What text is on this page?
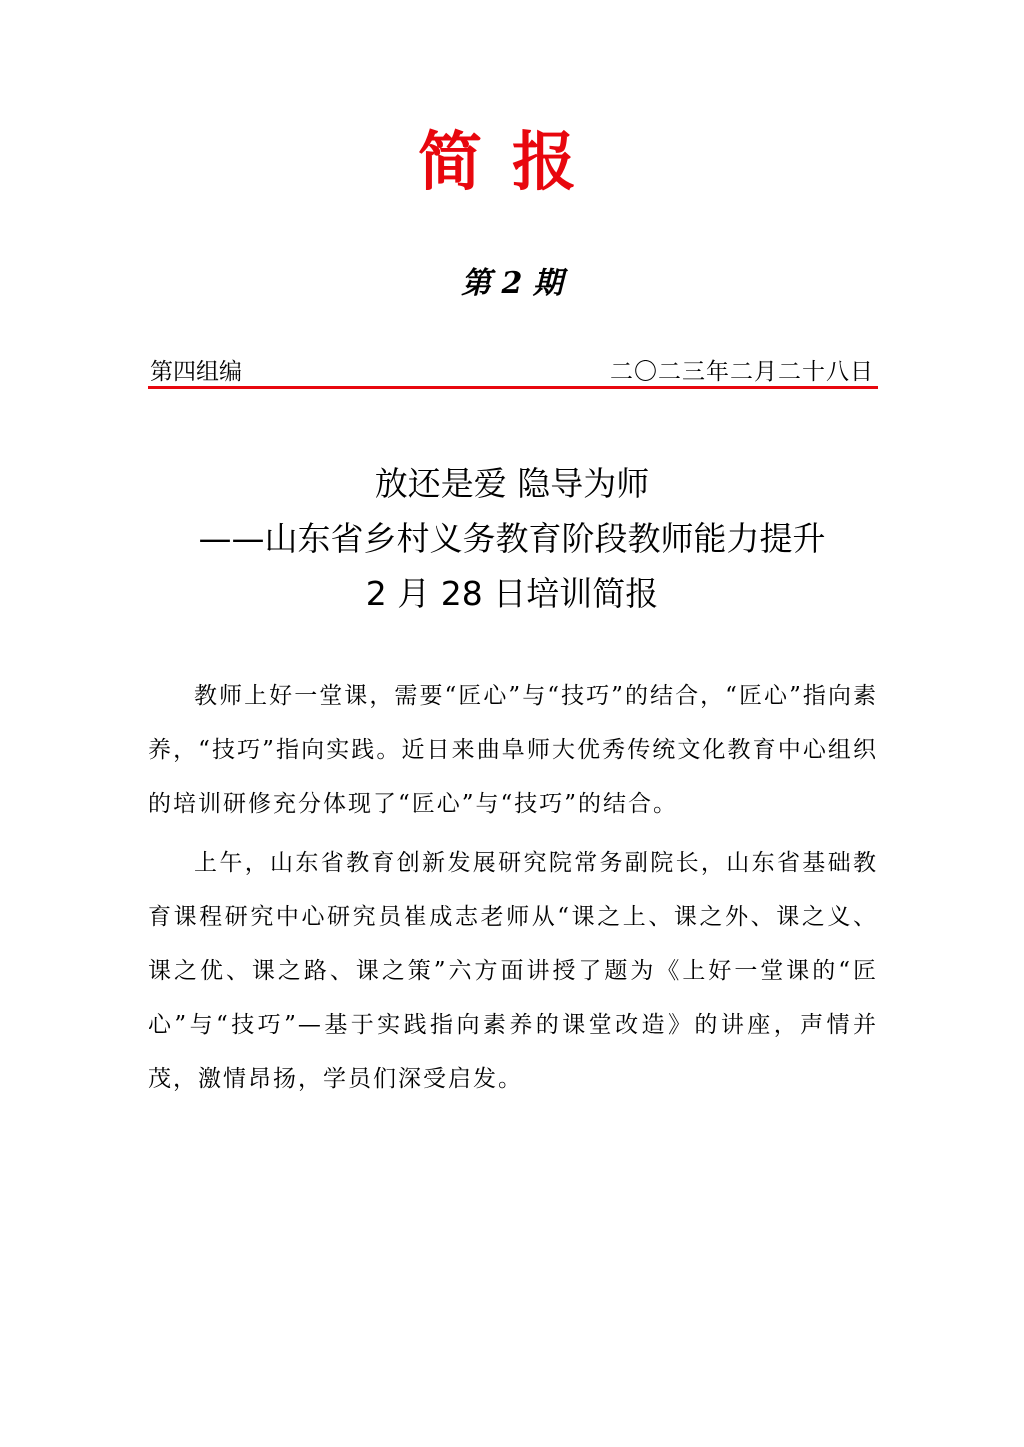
简报
第 2 期
第四组编	二〇二三年二月二十八日
放还是爱 隐导为师
——山东省乡村义务教育阶段教师能力提升
2 月 28 日培训简报

教师上好一堂课，需要“匠心”与“技巧”的结合，“匠心”指向素养，“技巧”指向实践。近日来曲阜师大优秀传统文化教育中心组织的培训研修充分体现了“匠心”与“技巧”的结合。

上午，山东省教育创新发展研究院常务副院长，山东省基础教育课程研究中心研究员崔成志老师从“课之上、课之外、课之义、课之优、课之路、课之策”六方面讲授了题为《上好一堂课的“匠心”与“技巧”—基于实践指向素养的课堂改造》的讲座，声情并茂，激情昂扬，学员们深受启发。
